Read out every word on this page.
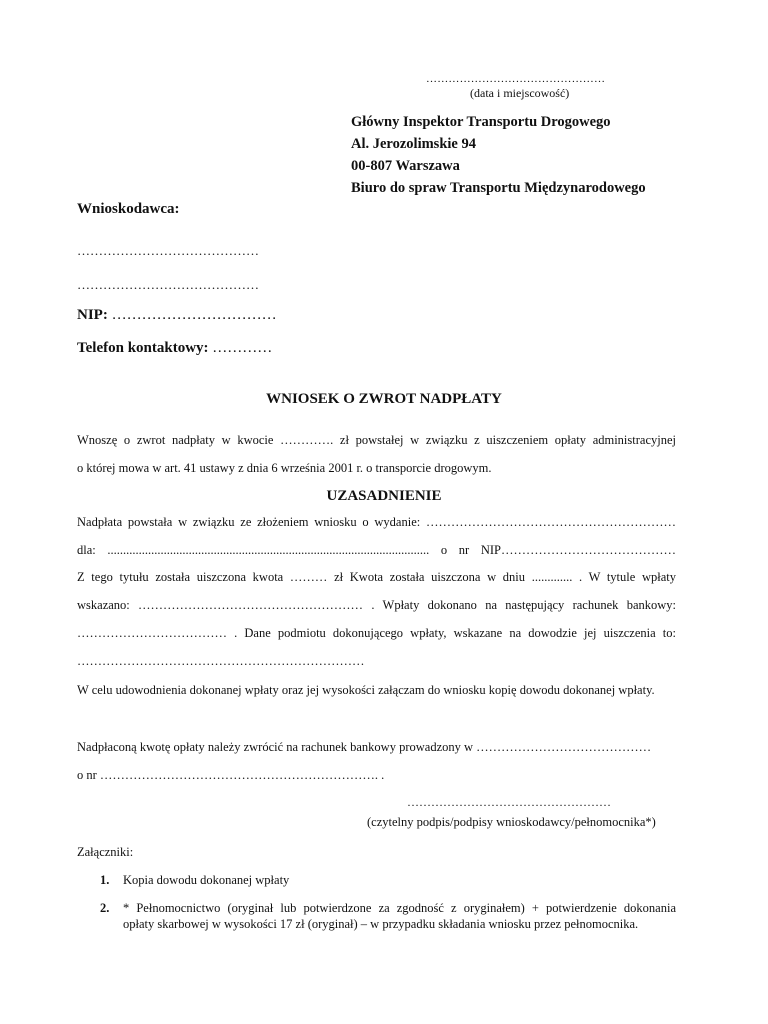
…………………………………………
(data i miejscowość)
Główny Inspektor Transportu Drogowego
Al. Jerozolimskie 94
00-807 Warszawa
Biuro do spraw Transportu Międzynarodowego
Wnioskodawca:
……………………………………
……………………………………
NIP: ……………………………
Telefon kontaktowy: …………
WNIOSEK O ZWROT NADPŁATY
Wnoszę o zwrot nadpłaty w kwocie …………. zł powstałej w związku z uiszczeniem opłaty administracyjnej
o której mowa w art. 41 ustawy z dnia 6 września 2001 r. o transporcie drogowym.
UZASADNIENIE
Nadpłata powstała w związku ze złożeniem wniosku o wydanie: ……………………………………………………
dla: ....................................................................................................... o nr NIP……………………………………
Z tego tytułu została uiszczona kwota ……… zł Kwota została uiszczona w dniu ............. . W tytule wpłaty
wskazano: ……………………………………………… . Wpłaty dokonano na następujący rachunek bankowy:
……………………………… . Dane podmiotu dokonującego wpłaty, wskazane na dowodzie jej uiszczenia to:
……………………………………………………………
W celu udowodnienia dokonanej wpłaty oraz jej wysokości załączam do wniosku kopię dowodu dokonanej wpłaty.
Nadpłaconą kwotę opłaty należy zwrócić na rachunek bankowy prowadzony w ……………………………………
o nr …………………………………………………………. .
……………………………………………
(czytelny podpis/podpisy wnioskodawcy/pełnomocnika*)
Załączniki:
1. Kopia dowodu dokonanej wpłaty
2. * Pełnomocnictwo (oryginał lub potwierdzone za zgodność z oryginałem) + potwierdzenie dokonania
opłaty skarbowej w wysokości 17 zł (oryginał) – w przypadku składania wniosku przez pełnomocnika.
